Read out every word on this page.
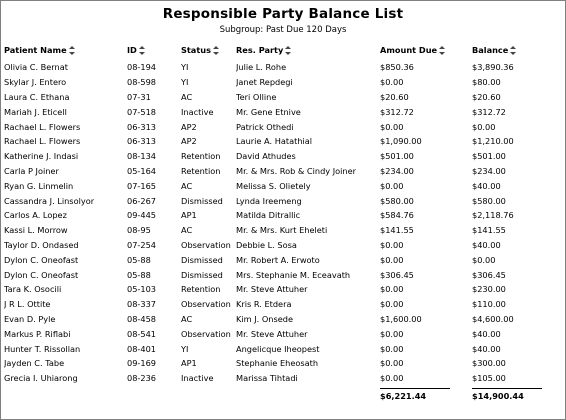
Responsible Party Balance List
Subgroup: Past Due 120 Days
Patient Name	ID	Status	Res. Party	Amount Due	Balance
Olivia C. Bernat	08-194	YI	Julie L. Rohe	$850.36	$3,890.36
Skylar J. Entero	08-598	YI	Janet Repdegi	$0.00	$80.00
Laura C. Ethana	07-31	AC	Teri Olline	$20.60	$20.60
Mariah J. Eticell	07-518	Inactive	Mr. Gene Etnive	$312.72	$312.72
Rachael L. Flowers	06-313	AP2	Patrick Othedi	$0.00	$0.00
Rachael L. Flowers	06-313	AP2	Laurie A. Hatathial	$1,090.00	$1,210.00
Katherine J. Indasi	08-134	Retention	David Athudes	$501.00	$501.00
Carla P Joiner	05-164	Retention	Mr. & Mrs. Rob & Cindy Joiner	$234.00	$234.00
Ryan G. Linmelin	07-165	AC	Melissa S. Olietely	$0.00	$40.00
Cassandra J. Linsolyor	06-267	Dismissed	Lynda Ireemeng	$580.00	$580.00
Carlos A. Lopez	09-445	AP1	Matilda Ditrallic	$584.76	$2,118.76
Kassi L. Morrow	08-95	AC	Mr. & Mrs. Kurt Eheleti	$141.55	$141.55
Taylor D. Ondased	07-254	Observation	Debbie L. Sosa	$0.00	$40.00
Dylon C. Oneofast	05-88	Dismissed	Mr. Robert A. Erwoto	$0.00	$0.00
Dylon C. Oneofast	05-88	Dismissed	Mrs. Stephanie M. Eceavath	$306.45	$306.45
Tara K. Osocili	05-103	Retention	Mr. Steve Attuher	$0.00	$230.00
J R L. Ottite	08-337	Observation	Kris R. Etdera	$0.00	$110.00
Evan D. Pyle	08-458	AC	Kim J. Onsede	$1,600.00	$4,600.00
Markus P. Riflabi	08-541	Observation	Mr. Steve Attuher	$0.00	$40.00
Hunter T. Rissollan	08-401	YI	Angelicque Iheopest	$0.00	$40.00
Jayden C. Tabe	09-169	AP1	Stephanie Eheosath	$0.00	$300.00
Grecia I. Uhiarong	08-236	Inactive	Marissa Tihtadi	$0.00	$105.00
				$6,221.44	$14,900.44
